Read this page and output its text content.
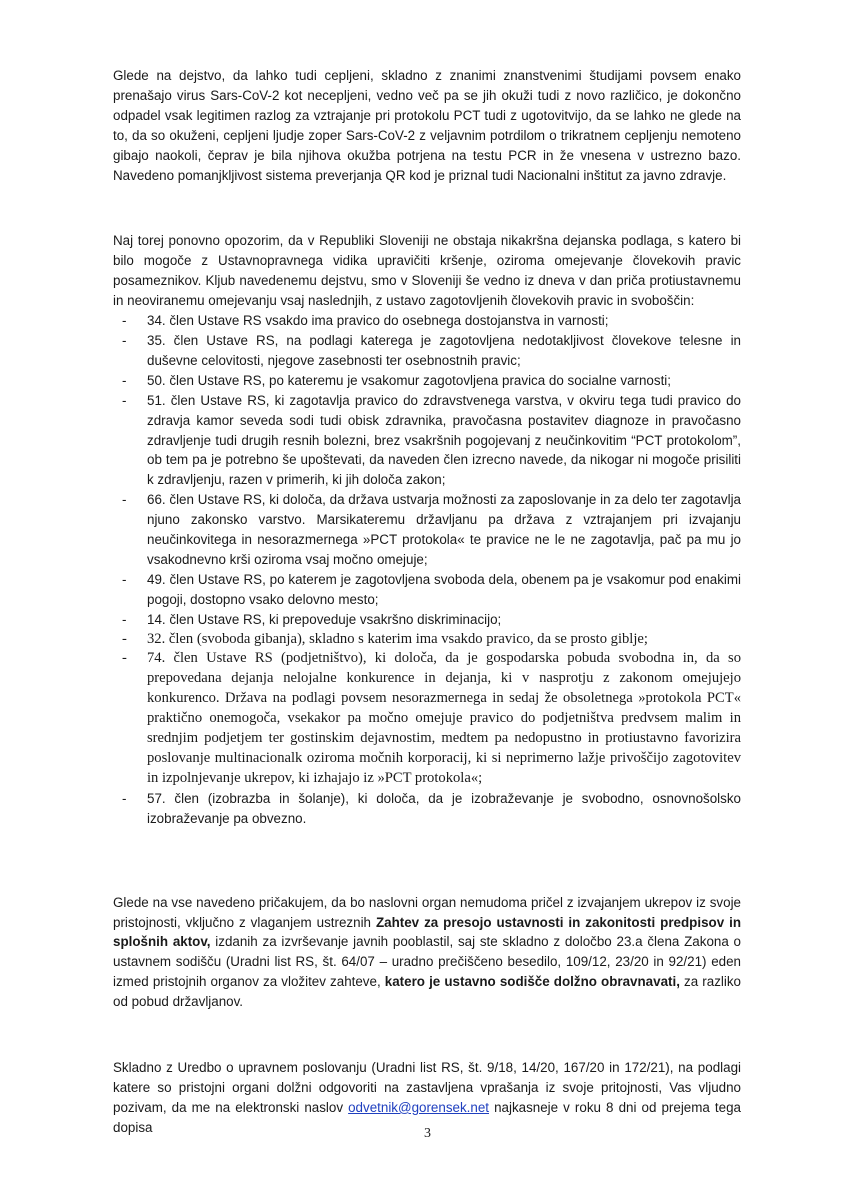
Glede na dejstvo, da lahko tudi cepljeni, skladno z znanimi znanstvenimi študijami povsem enako prenašajo virus Sars-CoV-2 kot necepljeni, vedno več pa se jih okuži tudi z novo različico, je dokončno odpadel vsak legitimen razlog za vztrajanje pri protokolu PCT tudi z ugotovitvijo, da se lahko ne glede na to, da so okuženi, cepljeni ljudje zoper Sars-CoV-2 z veljavnim potrdilom o trikratnem cepljenju nemoteno gibajo naokoli, čeprav je bila njihova okužba potrjena na testu PCR in že vnesena v ustrezno bazo. Navedeno pomanjkljivost sistema preverjanja QR kod je priznal tudi Nacionalni inštitut za javno zdravje.

Naj torej ponovno opozorim, da v Republiki Sloveniji ne obstaja nikakršna dejanska podlaga, s katero bi bilo mogoče z Ustavnopravnega vidika upravičiti kršenje, oziroma omejevanje človekovih pravic posameznikov. Kljub navedenemu dejstvu, smo v Sloveniji še vedno iz dneva v dan priča protiustavnemu in neoviranemu omejevanju vsaj naslednjih, z ustavo zagotovljenih človekovih pravic in svoboščin:

- 34. člen Ustave RS vsakdo ima pravico do osebnega dostojanstva in varnosti;
- 35. člen Ustave RS, na podlagi katerega je zagotovljena nedotakljivost človekove telesne in duševne celovitosti, njegove zasebnosti ter osebnostnih pravic;
- 50. člen Ustave RS, po kateremu je vsakomur zagotovljena pravica do socialne varnosti;
- 51. člen Ustave RS, ki zagotavlja pravico do zdravstvenega varstva, v okviru tega tudi pravico do zdravja kamor seveda sodi tudi obisk zdravnika, pravočasna postavitev diagnoze in pravočasno zdravljenje tudi drugih resnih bolezni, brez vsakršnih pogojevanj z neučinkovitim “PCT protokolom”, ob tem pa je potrebno še upoštevati, da naveden člen izrecno navede, da nikogar ni mogoče prisiliti k zdravljenju, razen v primerih, ki jih določa zakon;
- 66. člen Ustave RS, ki določa, da država ustvarja možnosti za zaposlovanje in za delo ter zagotavlja njuno zakonsko varstvo. Marsikateremu državljanu pa država z vztrajanjem pri izvajanju neučinkovitega in nesorazmernega »PCT protokola« te pravice ne le ne zagotavlja, pač pa mu jo vsakodnevno krši oziroma vsaj močno omejuje;
- 49. člen Ustave RS, po katerem je zagotovljena svoboda dela, obenem pa je vsakomur pod enakimi pogoji, dostopno vsako delovno mesto;
- 14. člen Ustave RS, ki prepoveduje vsakršno diskriminacijo;
- 32. člen (svoboda gibanja), skladno s katerim ima vsakdo pravico, da se prosto giblje;
- 74. člen Ustave RS (podjetništvo), ki določa, da je gospodarska pobuda svobodna in, da so prepovedana dejanja nelojalne konkurence in dejanja, ki v nasprotju z zakonom omejujejo konkurenco. Država na podlagi povsem nesorazmernega in sedaj že obsoletnega »protokola PCT« praktično onemogoča, vsekakor pa močno omejuje pravico do podjetništva predvsem malim in srednjim podjetjem ter gostinskim dejavnostim, medtem pa nedopustno in protiustavno favorizira poslovanje multinacionalk oziroma močnih korporacij, ki si neprimerno lažje privoščijo zagotovitev in izpolnjevanje ukrepov, ki izhajajo iz »PCT protokola«;
- 57. člen (izobrazba in šolanje), ki določa, da je izobraževanje je svobodno, osnovnošolsko izobraževanje pa obvezno.

Glede na vse navedeno pričakujem, da bo naslovni organ nemudoma pričel z izvajanjem ukrepov iz svoje pristojnosti, vključno z vlaganjem ustreznih Zahtev za presojo ustavnosti in zakonitosti predpisov in splošnih aktov, izdanih za izvrševanje javnih pooblastil, saj ste skladno z določbo 23.a člena Zakona o ustavnem sodišču (Uradni list RS, št. 64/07 – uradno prečiščeno besedilo, 109/12, 23/20 in 92/21) eden izmed pristojnih organov za vložitev zahteve, katero je ustavno sodišče dolžno obravnavati, za razliko od pobud državljanov.

Skladno z Uredbo o upravnem poslovanju (Uradni list RS, št. 9/18, 14/20, 167/20 in 172/21), na podlagi katere so pristojni organi dolžni odgovoriti na zastavljena vprašanja iz svoje pritojnosti, Vas vljudno pozivam, da me na elektronski naslov odvetnik@gorensek.net najkasneje v roku 8 dni od prejema tega dopisa	3
